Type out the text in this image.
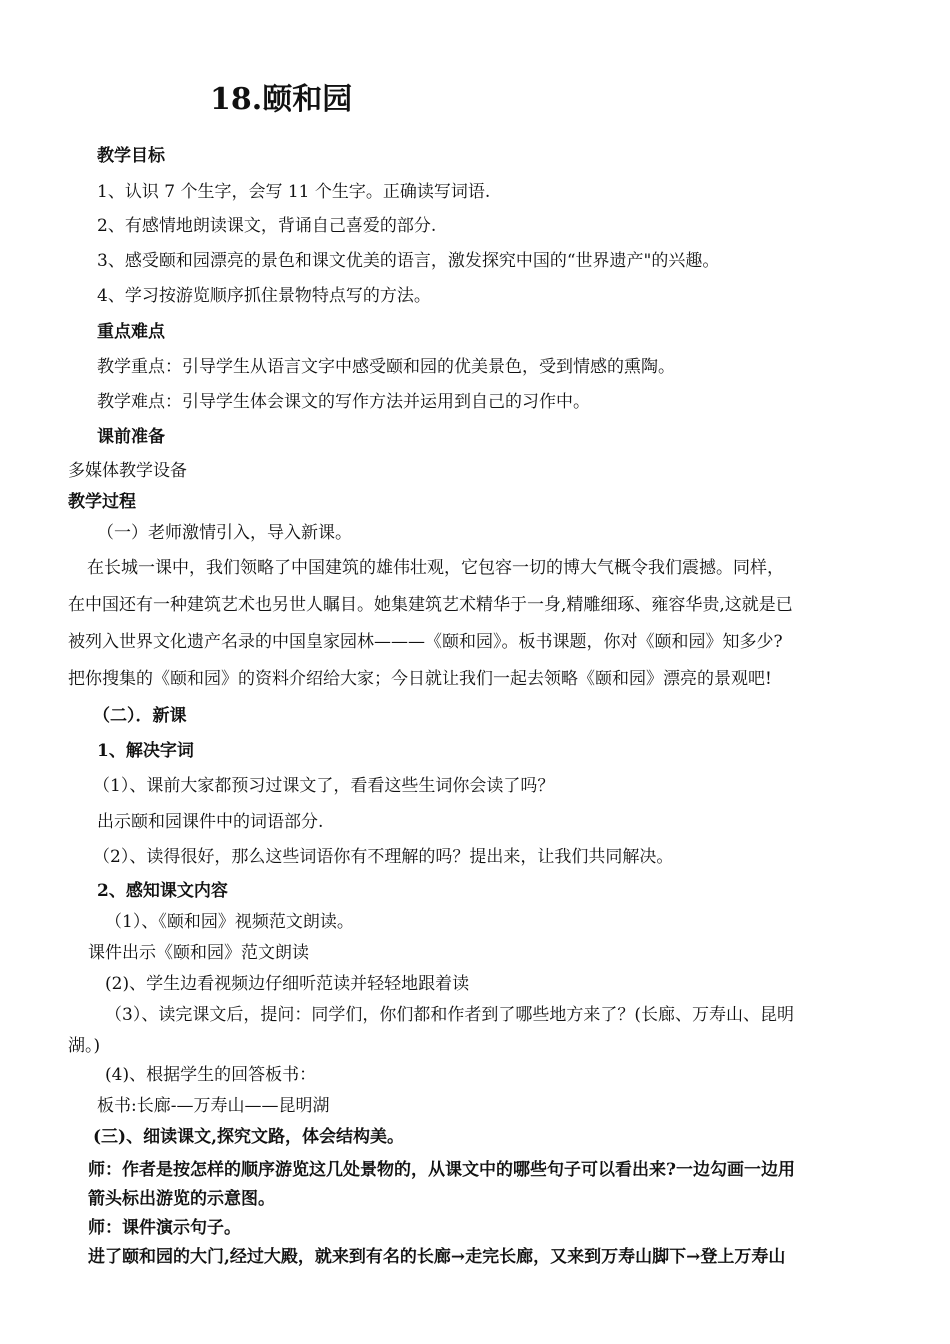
18.颐和园
教学目标
1、认识 7 个生字，会写 11 个生字。正确读写词语.
2、有感情地朗读课文，背诵自己喜爱的部分.
3、感受颐和园漂亮的景色和课文优美的语言，激发探究中国的“世界遗产"的兴趣。
4、学习按游览顺序抓住景物特点写的方法。
重点难点
教学重点：引导学生从语言文字中感受颐和园的优美景色，受到情感的熏陶。
教学难点：引导学生体会课文的写作方法并运用到自己的习作中。
课前准备
多媒体教学设备
教学过程
（一）老师激情引入，导入新课。
在长城一课中，我们领略了中国建筑的雄伟壮观，它包容一切的博大气概令我们震撼。同样，
在中国还有一种建筑艺术也另世人瞩目。她集建筑艺术精华于一身,精雕细琢、雍容华贵,这就是已
被列入世界文化遗产名录的中国皇家园林———《颐和园》。板书课题，你对《颐和园》知多少?
把你搜集的《颐和园》的资料介绍给大家；今日就让我们一起去领略《颐和园》漂亮的景观吧!
（二）．新课
1、解决字词
（1）、课前大家都预习过课文了，看看这些生词你会读了吗？
出示颐和园课件中的词语部分.
（2）、读得很好，那么这些词语你有不理解的吗？提出来，让我们共同解决。
2、感知课文内容
（1）、《颐和园》视频范文朗读。
课件出示《颐和园》范文朗读
(2)、学生边看视频边仔细听范读并轻轻地跟着读
（3）、读完课文后，提问：同学们，你们都和作者到了哪些地方来了？(长廊、万寿山、昆明
湖。)
(4)、根据学生的回答板书：
板书:长廊-—万寿山——昆明湖
(三)、细读课文,探究文路，体会结构美。
师：作者是按怎样的顺序游览这几处景物的，从课文中的哪些句子可以看出来?一边勾画一边用
箭头标出游览的示意图。
师：课件演示句子。
进了颐和园的大门,经过大殿，就来到有名的长廊→走完长廊，又来到万寿山脚下→登上万寿山
